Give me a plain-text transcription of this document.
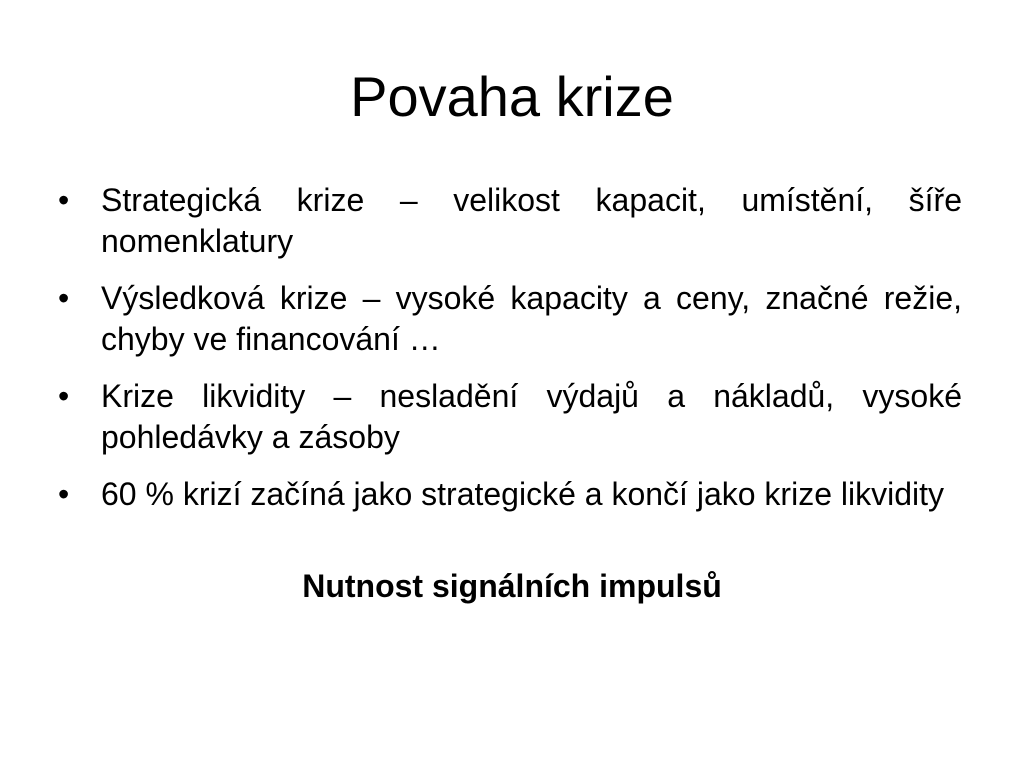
Povaha krize
• Strategická krize – velikost kapacit, umístění, šíře nomenklatury
• Výsledková krize – vysoké kapacity a ceny, značné režie, chyby ve financování …
• Krize likvidity – nesladění výdajů a nákladů, vysoké pohledávky a zásoby
• 60 % krizí začíná jako strategické a končí jako krize likvidity

Nutnost signálních impulsů
